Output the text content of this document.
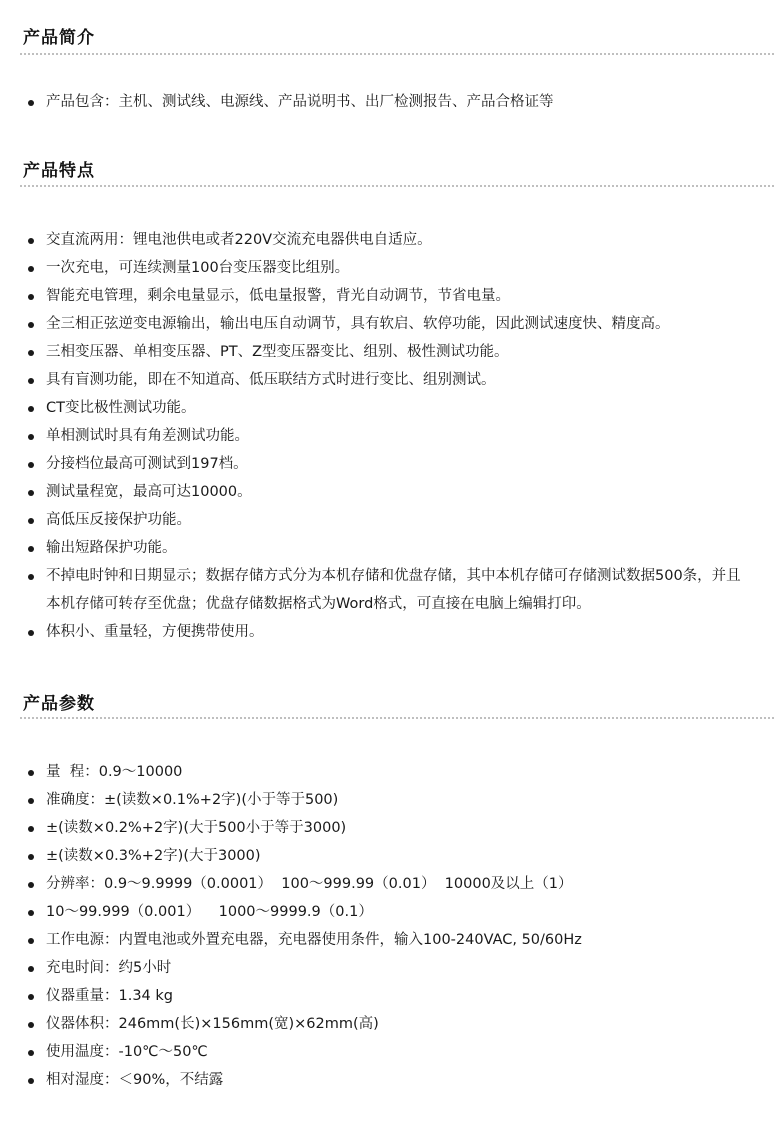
产品简介
产品包含：主机、测试线、电源线、产品说明书、出厂检测报告、产品合格证等
产品特点
交直流两用：锂电池供电或者220V交流充电器供电自适应。
一次充电，可连续测量100台变压器变比组别。
智能充电管理，剩余电量显示，低电量报警，背光自动调节，节省电量。
全三相正弦逆变电源输出，输出电压自动调节，具有软启、软停功能，因此测试速度快、精度高。
三相变压器、单相变压器、PT、Z型变压器变比、组别、极性测试功能。
具有盲测功能，即在不知道高、低压联结方式时进行变比、组别测试。
CT变比极性测试功能。
单相测试时具有角差测试功能。
分接档位最高可测试到197档。
测试量程宽，最高可达10000。
高低压反接保护功能。
输出短路保护功能。
不掉电时钟和日期显示；数据存储方式分为本机存储和优盘存储，其中本机存储可存储测试数据500条，并且本机存储可转存至优盘；优盘存储数据格式为Word格式，可直接在电脑上编辑打印。
体积小、重量轻，方便携带使用。
产品参数
量  程：0.9～10000
准确度：±(读数×0.1%+2字)(小于等于500)
±(读数×0.2%+2字)(大于500小于等于3000)
±(读数×0.3%+2字)(大于3000)
分辨率：0.9～9.9999（0.0001）  100～999.99（0.01）  10000及以上（1）
10～99.999（0.001）    1000～9999.9（0.1）
工作电源：内置电池或外置充电器，充电器使用条件，输入100-240VAC, 50/60Hz
充电时间：约5小时
仪器重量：1.34 kg
仪器体积：246mm(长)×156mm(宽)×62mm(高)
使用温度：-10℃～50℃
相对湿度：＜90%，不结露
